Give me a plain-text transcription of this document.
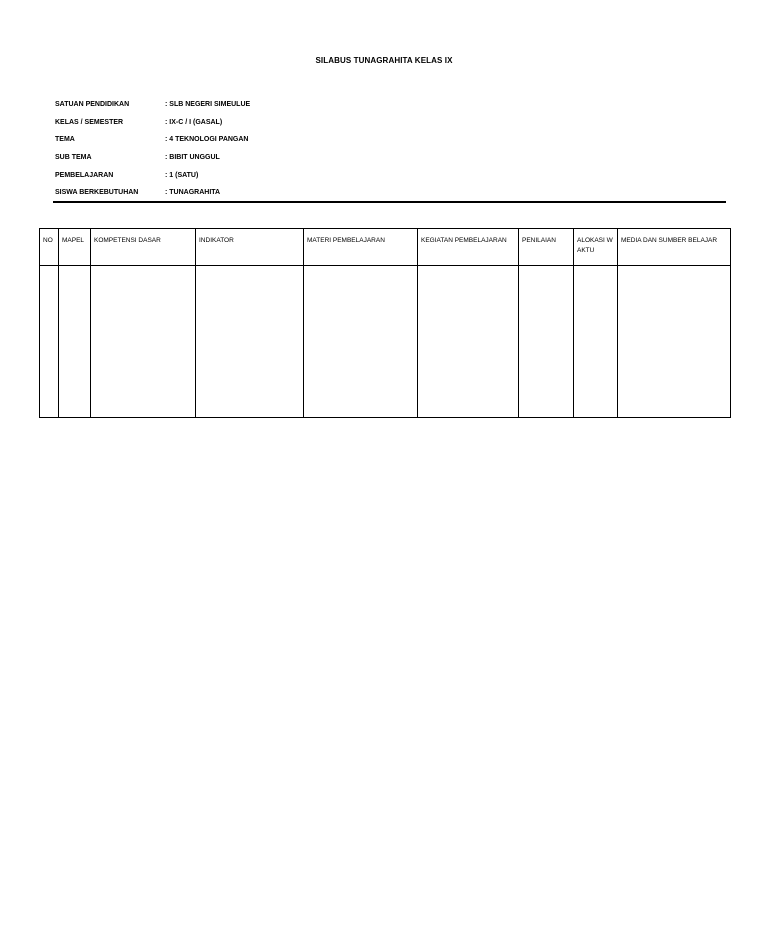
SILABUS TUNAGRAHITA KELAS IX
SATUAN PENDIDIKAN	: SLB NEGERI SIMEULUE
KELAS / SEMESTER	: IX-C / I (GASAL)
TEMA	: 4 TEKNOLOGI PANGAN
SUB TEMA	: BIBIT UNGGUL
PEMBELAJARAN	: 1 (SATU)
SISWA BERKEBUTUHAN	: TUNAGRAHITA
NO	MAPEL	KOMPETENSI DASAR	INDIKATOR	MATERI PEMBELAJARAN	KEGIATAN PEMBELAJARAN	PENILAIAN	ALOKASI WAKTU	MEDIA DAN SUMBER BELAJAR
